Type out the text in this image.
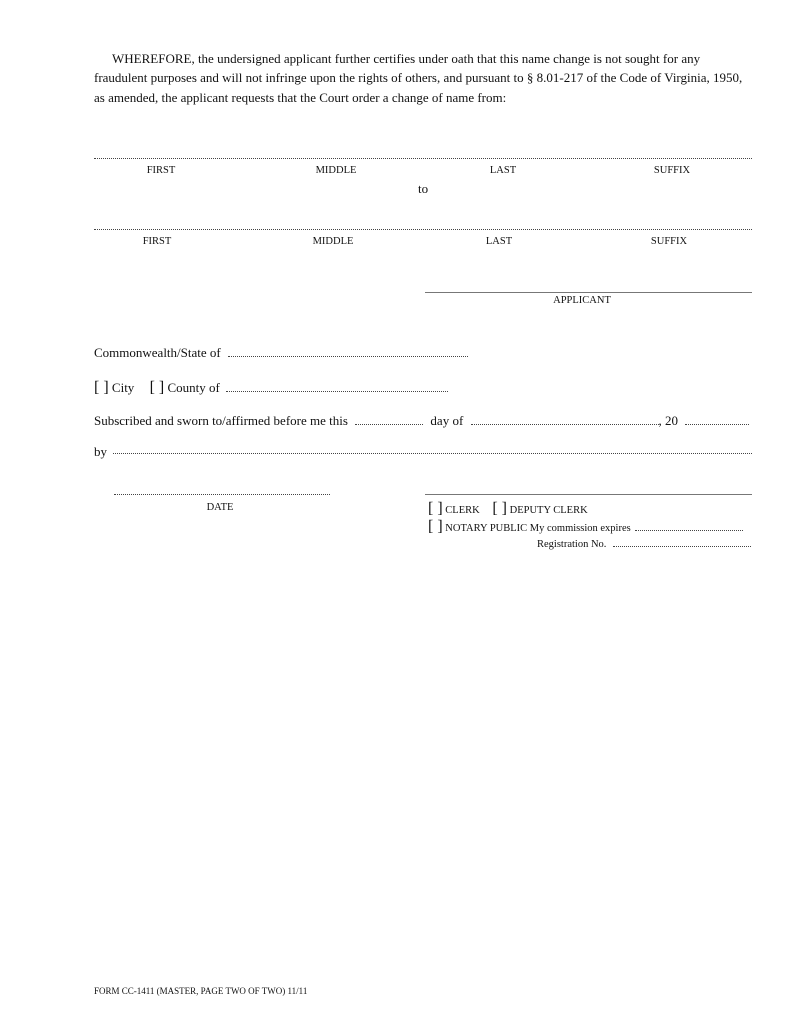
WHEREFORE, the undersigned applicant further certifies under oath that this name change is not sought for any
fraudulent purposes and will not infringe upon the rights of others, and pursuant to § 8.01-217 of the Code of Virginia, 1950,
as amended, the applicant requests that the Court order a change of name from:
FIRST	MIDDLE	LAST	SUFFIX
to
FIRST	MIDDLE	LAST	SUFFIX
APPLICANT
Commonwealth/State of
[ ] City [ ] County of
Subscribed and sworn to/affirmed before me this	day of	, 20
by
DATE	[ ] CLERK [ ] DEPUTY CLERK
[ ] NOTARY PUBLIC My commission expires
Registration No.
FORM CC-1411 (MASTER, PAGE TWO OF TWO) 11/11
